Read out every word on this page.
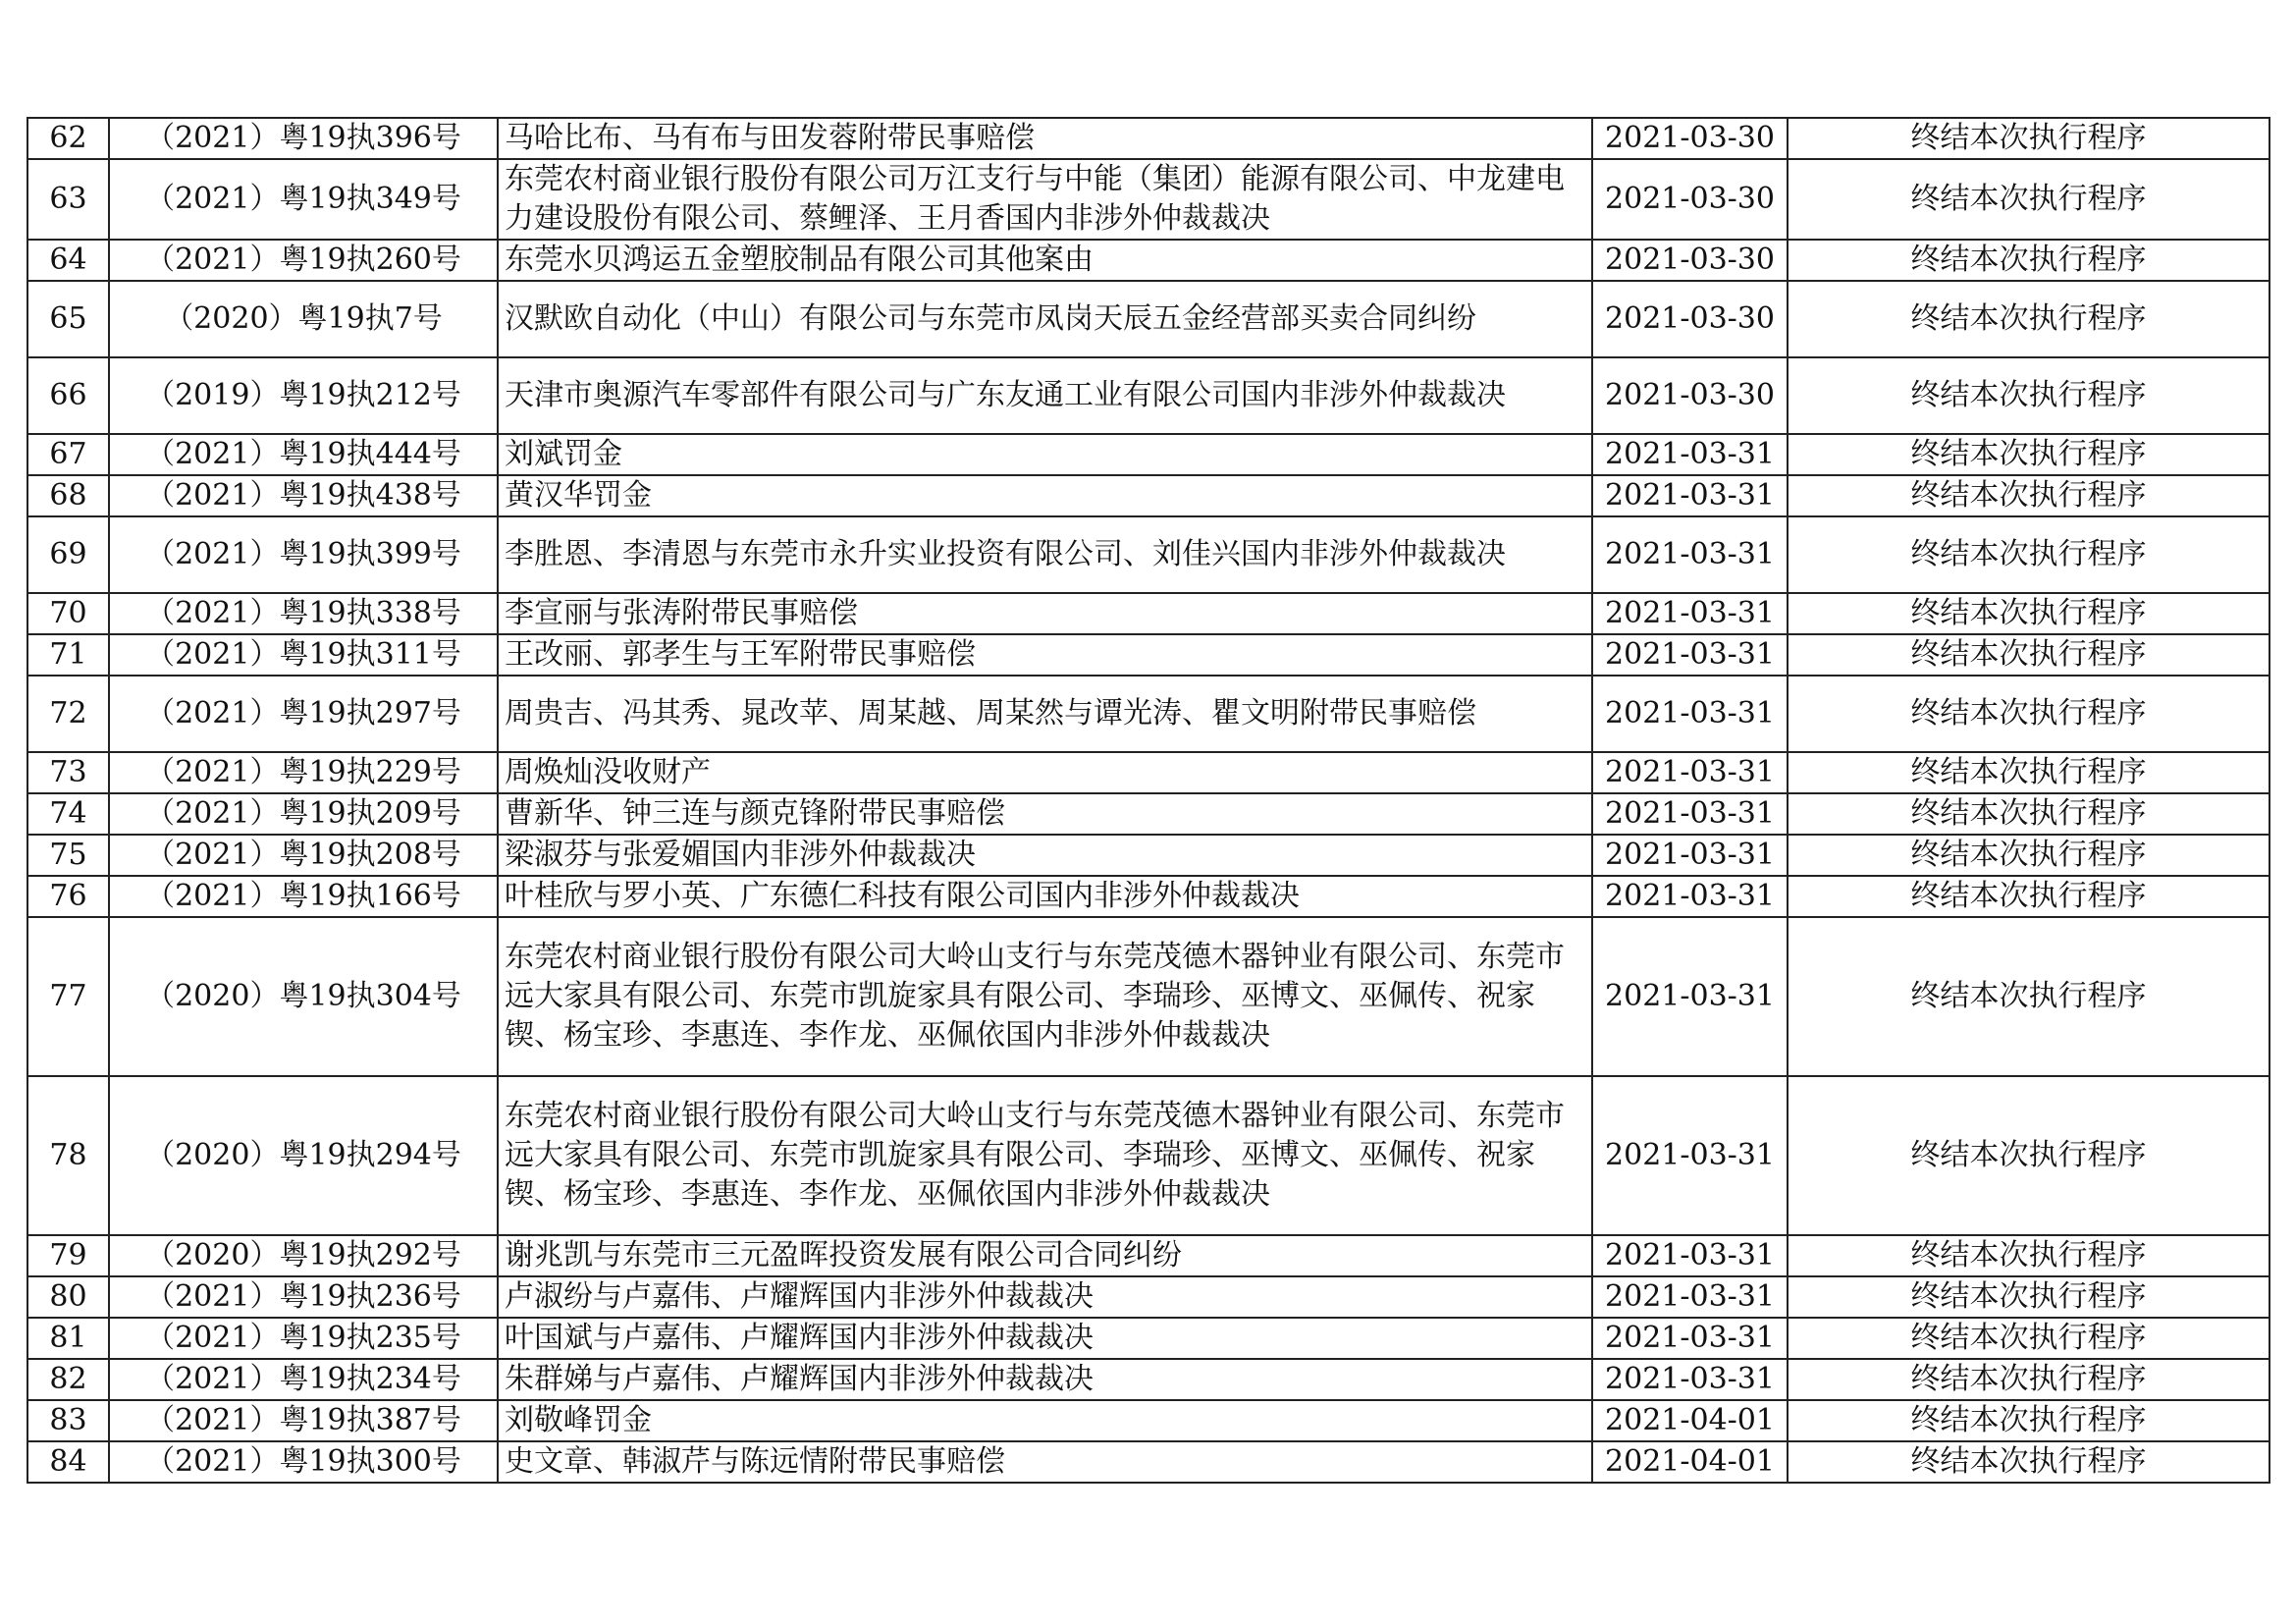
62	（2021）粤19执396号	马哈比布、马有布与田发蓉附带民事赔偿	2021-03-30	终结本次执行程序
63	（2021）粤19执349号	东莞农村商业银行股份有限公司万江支行与中能（集团）能源有限公司、中龙建电力建设股份有限公司、蔡鲤泽、王月香国内非涉外仲裁裁决	2021-03-30	终结本次执行程序
64	（2021）粤19执260号	东莞水贝鸿运五金塑胶制品有限公司其他案由	2021-03-30	终结本次执行程序
65	（2020）粤19执7号	汉默欧自动化（中山）有限公司与东莞市凤岗天辰五金经营部买卖合同纠纷	2021-03-30	终结本次执行程序
66	（2019）粤19执212号	天津市奥源汽车零部件有限公司与广东友通工业有限公司国内非涉外仲裁裁决	2021-03-30	终结本次执行程序
67	（2021）粤19执444号	刘斌罚金	2021-03-31	终结本次执行程序
68	（2021）粤19执438号	黄汉华罚金	2021-03-31	终结本次执行程序
69	（2021）粤19执399号	李胜恩、李清恩与东莞市永升实业投资有限公司、刘佳兴国内非涉外仲裁裁决	2021-03-31	终结本次执行程序
70	（2021）粤19执338号	李宣丽与张涛附带民事赔偿	2021-03-31	终结本次执行程序
71	（2021）粤19执311号	王改丽、郭孝生与王军附带民事赔偿	2021-03-31	终结本次执行程序
72	（2021）粤19执297号	周贵吉、冯其秀、晁改苹、周某越、周某然与谭光涛、瞿文明附带民事赔偿	2021-03-31	终结本次执行程序
73	（2021）粤19执229号	周焕灿没收财产	2021-03-31	终结本次执行程序
74	（2021）粤19执209号	曹新华、钟三连与颜克锋附带民事赔偿	2021-03-31	终结本次执行程序
75	（2021）粤19执208号	梁淑芬与张爱媚国内非涉外仲裁裁决	2021-03-31	终结本次执行程序
76	（2021）粤19执166号	叶桂欣与罗小英、广东德仁科技有限公司国内非涉外仲裁裁决	2021-03-31	终结本次执行程序
77	（2020）粤19执304号	东莞农村商业银行股份有限公司大岭山支行与东莞茂德木器钟业有限公司、东莞市远大家具有限公司、东莞市凯旋家具有限公司、李瑞珍、巫博文、巫佩传、祝家锲、杨宝珍、李惠连、李作龙、巫佩依国内非涉外仲裁裁决	2021-03-31	终结本次执行程序
78	（2020）粤19执294号	东莞农村商业银行股份有限公司大岭山支行与东莞茂德木器钟业有限公司、东莞市远大家具有限公司、东莞市凯旋家具有限公司、李瑞珍、巫博文、巫佩传、祝家锲、杨宝珍、李惠连、李作龙、巫佩依国内非涉外仲裁裁决	2021-03-31	终结本次执行程序
79	（2020）粤19执292号	谢兆凯与东莞市三元盈晖投资发展有限公司合同纠纷	2021-03-31	终结本次执行程序
80	（2021）粤19执236号	卢淑纷与卢嘉伟、卢耀辉国内非涉外仲裁裁决	2021-03-31	终结本次执行程序
81	（2021）粤19执235号	叶国斌与卢嘉伟、卢耀辉国内非涉外仲裁裁决	2021-03-31	终结本次执行程序
82	（2021）粤19执234号	朱群娣与卢嘉伟、卢耀辉国内非涉外仲裁裁决	2021-03-31	终结本次执行程序
83	（2021）粤19执387号	刘敬峰罚金	2021-04-01	终结本次执行程序
84	（2021）粤19执300号	史文章、韩淑芹与陈远情附带民事赔偿	2021-04-01	终结本次执行程序
